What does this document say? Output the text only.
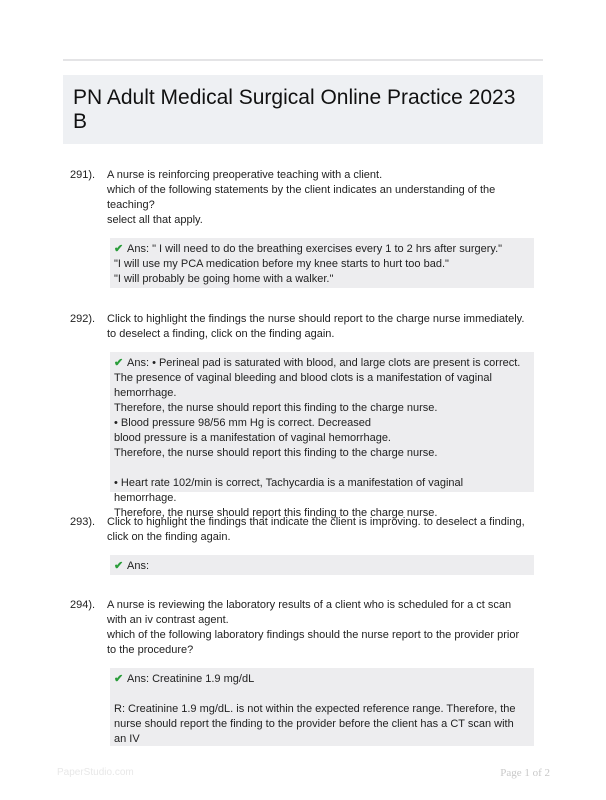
PN Adult Medical Surgical Online Practice 2023 B
291). A nurse is reinforcing preoperative teaching with a client.
which of the following statements by the client indicates an understanding of the teaching?
select all that apply.
✔ Ans: " I will need to do the breathing exercises every 1 to 2 hrs after surgery."
"I will use my PCA medication before my knee starts to hurt too bad."
"I will probably be going home with a walker."
292). Click to highlight the findings the nurse should report to the charge nurse immediately. to deselect a finding, click on the finding again.
✔ Ans: • Perineal pad is saturated with blood, and large clots are present is correct. The presence of vaginal bleeding and blood clots is a manifestation of vaginal hemorrhage.
Therefore, the nurse should report this finding to the charge nurse.
• Blood pressure 98/56 mm Hg is correct. Decreased
blood pressure is a manifestation of vaginal hemorrhage.
Therefore, the nurse should report this finding to the charge nurse.
• Heart rate 102/min is correct, Tachycardia is a manifestation of vaginal hemorrhage.
Therefore, the nurse should report this finding to the charge nurse.
293). Click to highlight the findings that indicate the client is improving. to deselect a finding, click on the finding again.
✔ Ans:
294). A nurse is reviewing the laboratory results of a client who is scheduled for a ct scan with an iv contrast agent.
which of the following laboratory findings should the nurse report to the provider prior to the procedure?
✔ Ans: Creatinine 1.9 mg/dL
R: Creatinine 1.9 mg/dL. is not within the expected reference range. Therefore, the nurse should report the finding to the provider before the client has a CT scan with an IV
PaperStudio.com	Page 1 of 2
